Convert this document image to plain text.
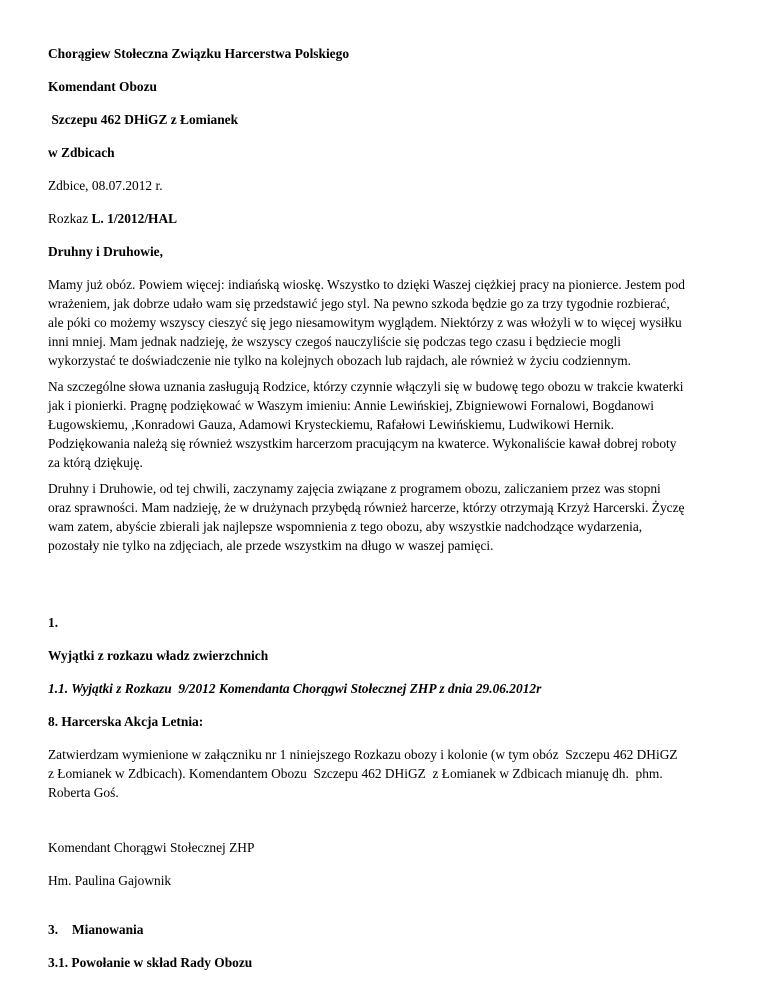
Chorągiew Stołeczna Związku Harcerstwa Polskiego
Komendant Obozu
Szczepu 462 DHiGZ z Łomianek
w Zdbicach
Zdbice, 08.07.2012 r.
Rozkaz L. 1/2012/HAL
Druhny i Druhowie,
Mamy już obóz. Powiem więcej: indiańską wioskę. Wszystko to dzięki Waszej ciężkiej pracy na pionierce. Jestem pod
wrażeniem, jak dobrze udało wam się przedstawić jego styl. Na pewno szkoda będzie go za trzy tygodnie rozbierać,
ale póki co możemy wszyscy cieszyć się jego niesamowitym wyglądem. Niektórzy z was włożyli w to więcej wysiłku
inni mniej. Mam jednak nadzieję, że wszyscy czegoś nauczyliście się podczas tego czasu i będziecie mogli
wykorzystać te doświadczenie nie tylko na kolejnych obozach lub rajdach, ale również w życiu codziennym.
Na szczególne słowa uznania zasługują Rodzice, którzy czynnie włączyli się w budowę tego obozu w trakcie kwaterki
jak i pionierki. Pragnę podziękować w Waszym imieniu: Annie Lewińskiej, Zbigniewowi Fornalowi, Bogdanowi
Ługowskiemu, ,Konradowi Gauza, Adamowi Krysteckiemu, Rafałowi Lewińskiemu, Ludwikowi Hernik.
Podziękowania należą się również wszystkim harcerzom pracującym na kwaterce. Wykonaliście kawał dobrej roboty
za którą dziękuję.
Druhny i Druhowie, od tej chwili, zaczynamy zajęcia związane z programem obozu, zaliczaniem przez was stopni
oraz sprawności. Mam nadzieję, że w drużynach przybędą również harcerze, którzy otrzymają Krzyż Harcerski. Życzę
wam zatem, abyście zbierali jak najlepsze wspomnienia z tego obozu, aby wszystkie nadchodzące wydarzenia,
pozostały nie tylko na zdjęciach, ale przede wszystkim na długo w waszej pamięci.
1.
Wyjątki z rozkazu władz zwierzchnich
1.1. Wyjątki z Rozkazu  9/2012 Komendanta Chorągwi Stołecznej ZHP z dnia 29.06.2012r
8. Harcerska Akcja Letnia:
Zatwierdzam wymienione w załączniku nr 1 niniejszego Rozkazu obozy i kolonie (w tym obóz  Szczepu 462 DHiGZ
z Łomianek w Zdbicach). Komendantem Obozu  Szczepu 462 DHiGZ  z Łomianek w Zdbicach mianuję dh.  phm.
Roberta Goś.
Komendant Chorągwi Stołecznej ZHP
Hm. Paulina Gajownik
3. Mianowania
3.1. Powołanie w skład Rady Obozu
